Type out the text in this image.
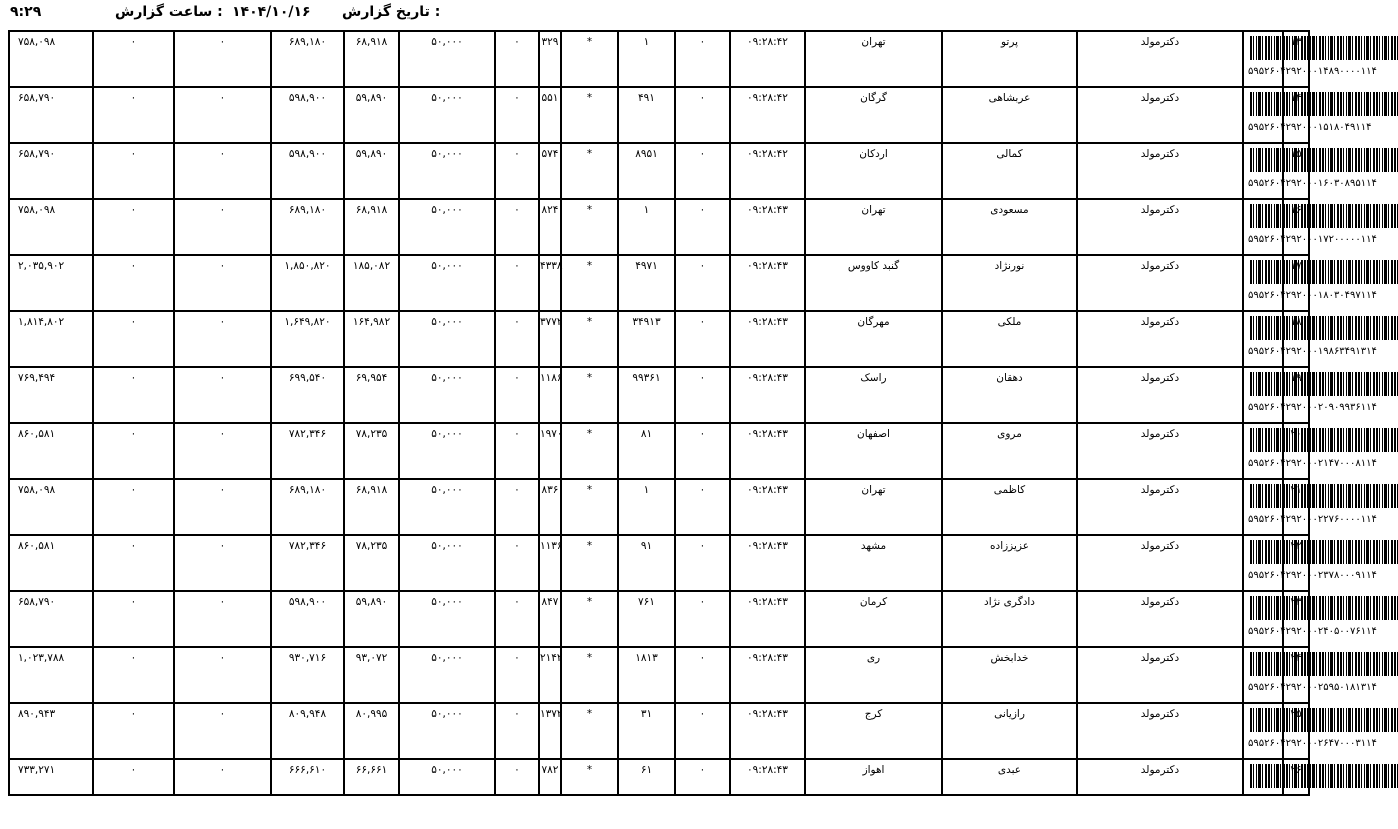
تاریخ گزارش :
۱۴۰۴/۱۰/۱۶
ساعت گزارش :
۹:۲۹
۷۵۸,۰۹۸	۰	۰	۶۸۹,۱۸۰	۶۸,۹۱۸	۵۰,۰۰۰	۰	۳۲۹	*	۱	۰	۰۹:۲۸:۴۲	تهران	پرتو	دکترمولد	۵۹۵۲۶۰۴۲۹۲۰۰۰۱۴۸۹۰۰۰۰۱۱۴	۱۳

۶۵۸,۷۹۰	۰	۰	۵۹۸,۹۰۰	۵۹,۸۹۰	۵۰,۰۰۰	۰	۵۵۱	*	۴۹۱	۰	۰۹:۲۸:۴۲	گرگان	عربشاهی	دکترمولد	۵۹۵۲۶۰۴۲۹۲۰۰۰۱۵۱۸۰۴۹۱۱۴	۱۴

۶۵۸,۷۹۰	۰	۰	۵۹۸,۹۰۰	۵۹,۸۹۰	۵۰,۰۰۰	۰	۵۷۴	*	۸۹۵۱	۰	۰۹:۲۸:۴۲	اردکان	کمالی	دکترمولد	۵۹۵۲۶۰۴۲۹۲۰۰۰۱۶۰۳۰۸۹۵۱۱۴	۱۵

۷۵۸,۰۹۸	۰	۰	۶۸۹,۱۸۰	۶۸,۹۱۸	۵۰,۰۰۰	۰	۸۲۴	*	۱	۰	۰۹:۲۸:۴۳	تهران	مسعودی	دکترمولد	۵۹۵۲۶۰۴۲۹۲۰۰۰۱۷۲۰۰۰۰۰۱۱۴	۱۶

۲,۰۳۵,۹۰۲	۰	۰	۱,۸۵۰,۸۲۰	۱۸۵,۰۸۲	۵۰,۰۰۰	۰	۴۳۳۸	*	۴۹۷۱	۰	۰۹:۲۸:۴۳	گنبد کاووس	نورنژاد	دکترمولد	۵۹۵۲۶۰۴۲۹۲۰۰۰۱۸۰۳۰۴۹۷۱۱۴	۱۷

۱,۸۱۴,۸۰۲	۰	۰	۱,۶۴۹,۸۲۰	۱۶۴,۹۸۲	۵۰,۰۰۰	۰	۳۷۷۲	*	۳۴۹۱۳	۰	۰۹:۲۸:۴۳	مهرگان	ملکی	دکترمولد	۵۹۵۲۶۰۴۲۹۲۰۰۰۱۹۸۶۳۴۹۱۳۱۴	۱۸

۷۶۹,۴۹۴	۰	۰	۶۹۹,۵۴۰	۶۹,۹۵۴	۵۰,۰۰۰	۰	۱۱۸۶	*	۹۹۳۶۱	۰	۰۹:۲۸:۴۳	راسک	دهقان	دکترمولد	۵۹۵۲۶۰۴۲۹۲۰۰۰۲۰۹۰۹۹۳۶۱۱۴	۱۹

۸۶۰,۵۸۱	۰	۰	۷۸۲,۳۴۶	۷۸,۲۳۵	۵۰,۰۰۰	۰	۱۹۷۰	*	۸۱	۰	۰۹:۲۸:۴۳	اصفهان	مروی	دکترمولد	۵۹۵۲۶۰۴۲۹۲۰۰۰۲۱۴۷۰۰۰۸۱۱۴	۲۰

۷۵۸,۰۹۸	۰	۰	۶۸۹,۱۸۰	۶۸,۹۱۸	۵۰,۰۰۰	۰	۸۳۶	*	۱	۰	۰۹:۲۸:۴۳	تهران	کاظمی	دکترمولد	۵۹۵۲۶۰۴۲۹۲۰۰۰۲۲۷۶۰۰۰۰۱۱۴	۲۱

۸۶۰,۵۸۱	۰	۰	۷۸۲,۳۴۶	۷۸,۲۳۵	۵۰,۰۰۰	۰	۱۱۳۶	*	۹۱	۰	۰۹:۲۸:۴۳	مشهد	عزیززاده	دکترمولد	۵۹۵۲۶۰۴۲۹۲۰۰۰۲۳۷۸۰۰۰۹۱۱۴	۲۲

۶۵۸,۷۹۰	۰	۰	۵۹۸,۹۰۰	۵۹,۸۹۰	۵۰,۰۰۰	۰	۸۴۷	*	۷۶۱	۰	۰۹:۲۸:۴۳	کرمان	دادگری نژاد	دکترمولد	۵۹۵۲۶۰۴۲۹۲۰۰۰۲۴۰۵۰۰۷۶۱۱۴	۲۳

۱,۰۲۳,۷۸۸	۰	۰	۹۳۰,۷۱۶	۹۳,۰۷۲	۵۰,۰۰۰	۰	۲۱۴۲	*	۱۸۱۳	۰	۰۹:۲۸:۴۳	ری	خدابخش	دکترمولد	۵۹۵۲۶۰۴۲۹۲۰۰۰۲۵۹۵۰۱۸۱۳۱۴	۲۴

۸۹۰,۹۴۳	۰	۰	۸۰۹,۹۴۸	۸۰,۹۹۵	۵۰,۰۰۰	۰	۱۳۷۲	*	۳۱	۰	۰۹:۲۸:۴۳	کرج	رازیانی	دکترمولد	۵۹۵۲۶۰۴۲۹۲۰۰۰۲۶۴۷۰۰۰۳۱۱۴	۲۵

۷۳۳,۲۷۱	۰	۰	۶۶۶,۶۱۰	۶۶,۶۶۱	۵۰,۰۰۰	۰	۷۸۲	*	۶۱	۰	۰۹:۲۸:۴۳	اهواز	عبدی	دکترمولد		۲۶
